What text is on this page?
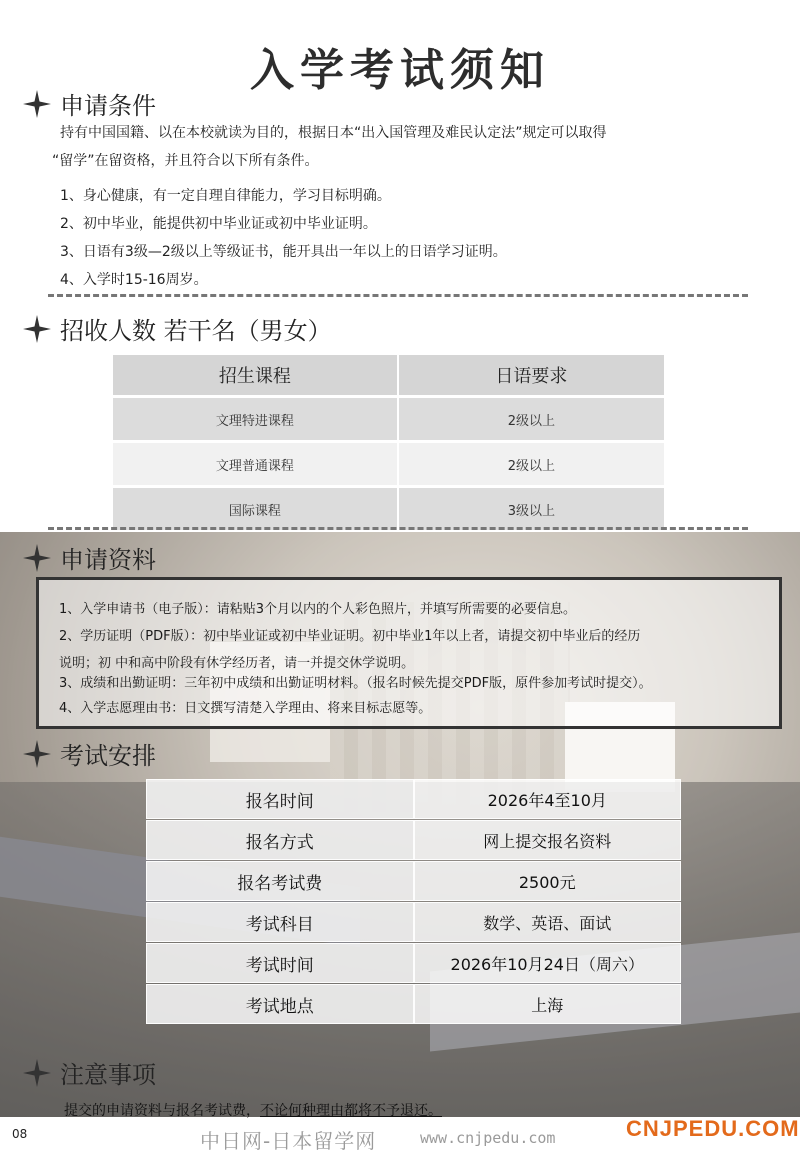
入学考试须知
申请条件
持有中国国籍、以在本校就读为目的，根据日本“出入国管理及难民认定法”规定可以取得
“留学”在留资格，并且符合以下所有条件。
1、身心健康，有一定自理自律能力，学习目标明确。
2、初中毕业，能提供初中毕业证或初中毕业证明。
3、日语有3级—2级以上等级证书，能开具出一年以上的日语学习证明。
4、入学时15-16周岁。
招收人数 若干名（男女）
招生课程	日语要求
文理特进课程	2级以上
文理普通课程	2级以上
国际课程	3级以上
申请资料
1、入学申请书（电子版）：请粘贴3个月以内的个人彩色照片，并填写所需要的必要信息。
2、学历证明（PDF版）：初中毕业证或初中毕业证明。初中毕业1年以上者，请提交初中毕业后的经历
说明；初 中和高中阶段有休学经历者，请一并提交休学说明。
3、成绩和出勤证明：三年初中成绩和出勤证明材料。（报名时候先提交PDF版，原件参加考试时提交）。
4、入学志愿理由书：日文撰写清楚入学理由、将来目标志愿等。
考试安排
报名时间	2026年4至10月
报名方式	网上提交报名资料
报名考试费	2500元
考试科目	数学、英语、面试
考试时间	2026年10月24日（周六）
考试地点	上海
注意事项
提交的申请资料与报名考试费，不论何种理由都将不予退还。
08	中日网-日本留学网	www.cnjpedu.com	CNJPEDU.COM
